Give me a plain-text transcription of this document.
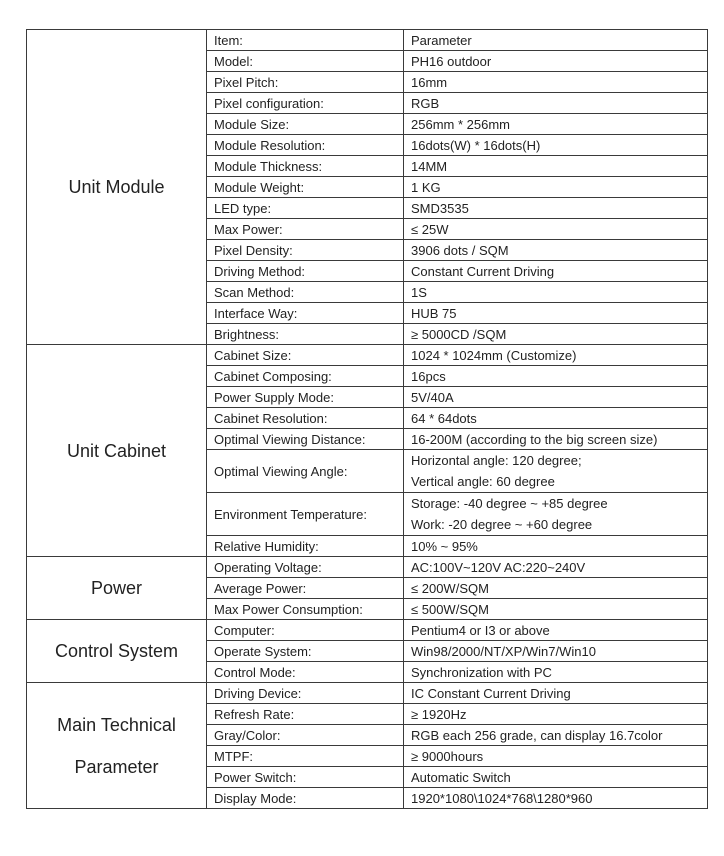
Unit Module	Item:	Parameter
	Model:	PH16 outdoor
	Pixel Pitch:	16mm
	Pixel configuration:	RGB
	Module Size:	256mm * 256mm
	Module Resolution:	16dots(W) * 16dots(H)
	Module Thickness:	14MM
	Module Weight:	1 KG
	LED type:	SMD3535
	Max Power:	≤ 25W
	Pixel Density:	3906 dots / SQM
	Driving Method:	Constant Current Driving
	Scan Method:	1S
	Interface Way:	HUB 75
	Brightness:	≥ 5000CD /SQM

Unit Cabinet	Cabinet Size:	1024 * 1024mm (Customize)
	Cabinet Composing:	16pcs
	Power Supply Mode:	5V/40A
	Cabinet Resolution:	64 * 64dots
	Optimal Viewing Distance:	16-200M (according to the big screen size)
	Optimal Viewing Angle:	Horizontal angle: 120 degree;
Vertical angle: 60 degree

	Environment Temperature:	Storage: -40 degree ~ +85 degree
Work: -20 degree ~ +60 degree

	Relative Humidity:	10% ~ 95%

Power	Operating Voltage:	AC:100V~120V AC:220~240V
	Average Power:	≤ 200W/SQM
	Max Power Consumption:	≤ 500W/SQM

Control System	Computer:	Pentium4 or I3 or above
	Operate System:	Win98/2000/NT/XP/Win7/Win10
	Control Mode:	Synchronization with PC

Main Technical
Parameter	Driving Device:	IC Constant Current Driving
	Refresh Rate:	≥ 1920Hz
	Gray/Color:	RGB each 256 grade, can display 16.7color
	MTPF:	≥ 9000hours
	Power Switch:	Automatic Switch
	Display Mode:	1920*1080\1024*768\1280*960
